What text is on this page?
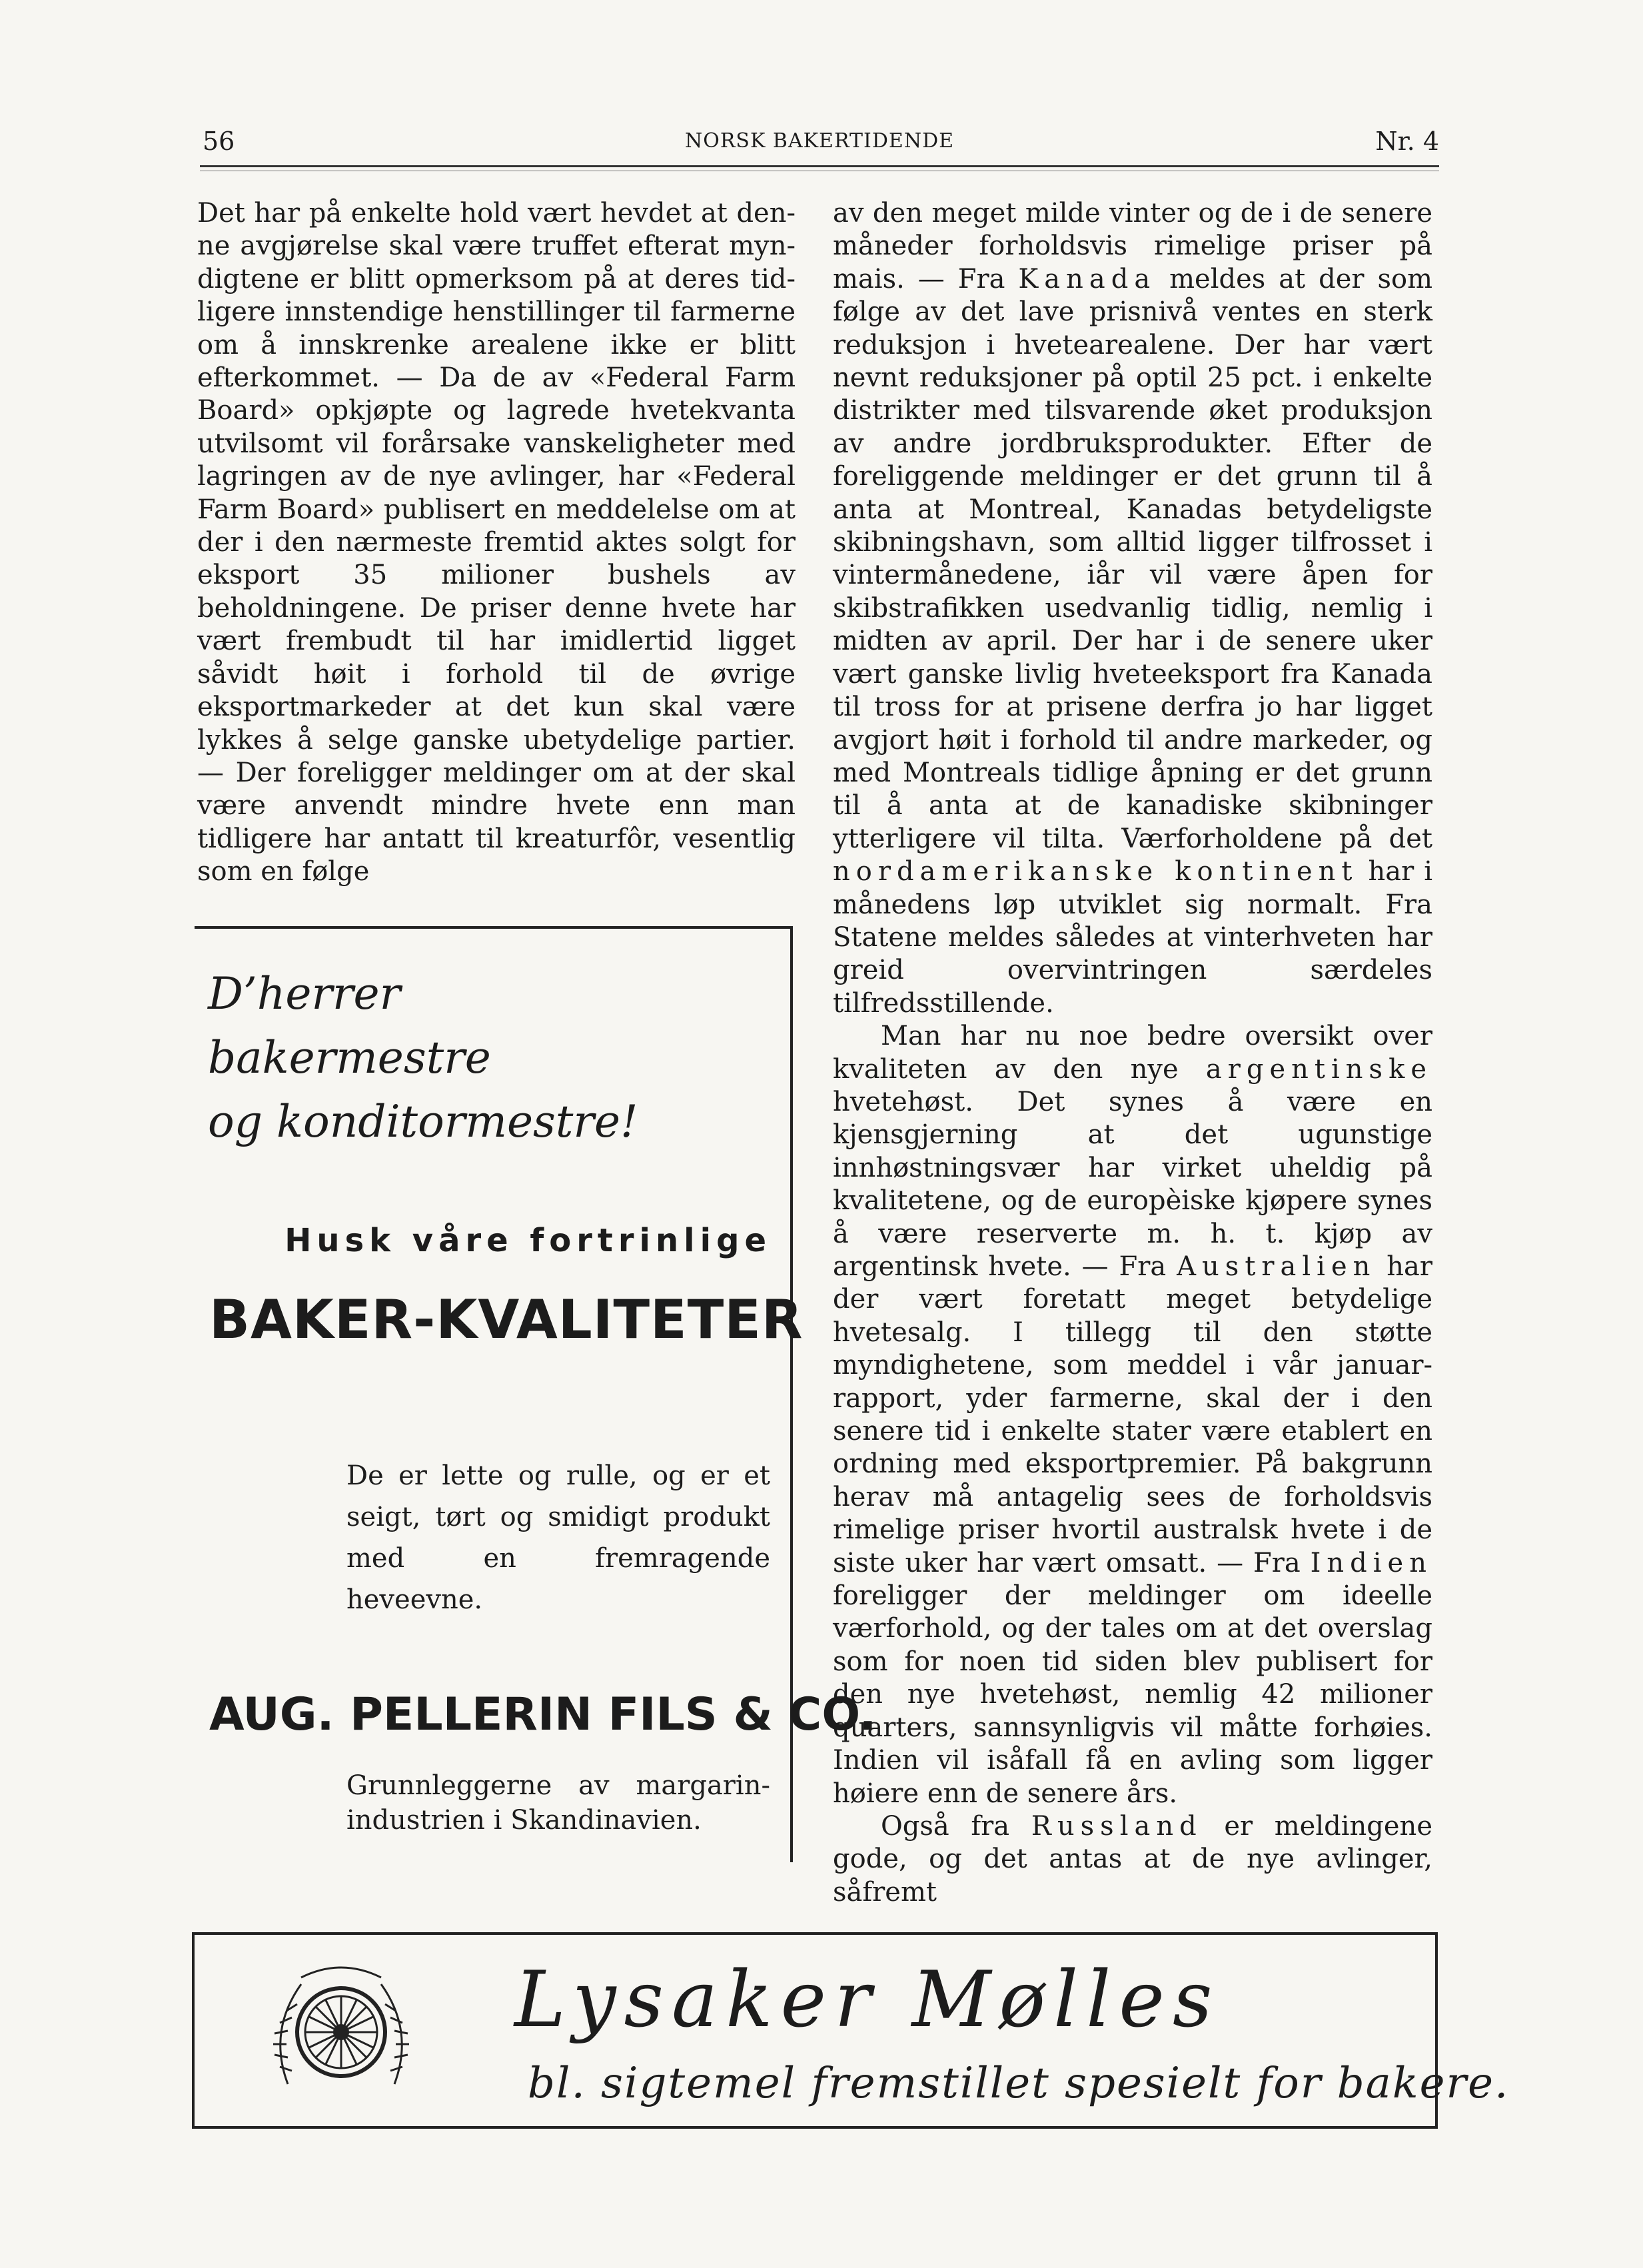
56	NORSK BAKERTIDENDE	Nr. 4

Det har på enkelte hold vært hevdet at denne avgjørelse skal være truffet efterat myndigtene er blitt opmerksom på at deres tidligere innstendige henstillinger til farmerne om å innskrenke arealene ikke er blitt efterkommet. — Da de av «Federal Farm Board» opkjøpte og lagrede hvetekvanta utvilsomt vil forårsake vanskeligheter med lagringen av de nye avlinger, har «Federal Farm Board» publisert en meddelelse om at der i den nærmeste fremtid aktes solgt for eksport 35 milioner bushels av beholdningene. De priser denne hvete har vært frembudt til har imidlertid ligget såvidt høit i forhold til de øvrige eksportmarkeder at det kun skal være lykkes å selge ganske ubetydelige partier. — Der foreligger meldinger om at der skal være anvendt mindre hvete enn man tidligere har antatt til kreaturfôr, vesentlig som en følge

av den meget milde vinter og de i de senere måneder forholdsvis rimelige priser på mais. — Fra Kanada meldes at der som følge av det lave prisnivå ventes en sterk reduksjon i hvetearealene. Der har vært nevnt reduksjoner på optil 25 pct. i enkelte distrikter med tilsvarende øket produksjon av andre jordbruksprodukter. Efter de foreliggende meldinger er det grunn til å anta at Montreal, Kanadas betydeligste skibningshavn, som alltid ligger tilfrosset i vintermånedene, iår vil være åpen for skibstrafikken usedvanlig tidlig, nemlig i midten av april. Der har i de senere uker vært ganske livlig hveteeksport fra Kanada til tross for at prisene derfra jo har ligget avgjort høit i forhold til andre markeder, og med Montreals tidlige åpning er det grunn til å anta at de kanadiske skibninger ytterligere vil tilta. Værforholdene på det nordamerikanske kontinent har i månedens løp utviklet sig normalt. Fra Statene meldes således at vinterhveten har greid overvintringen særdeles tilfredsstillende.

Man har nu noe bedre oversikt over kvaliteten av den nye argentinske hvetehøst. Det synes å være en kjensgjerning at det ugunstige innhøstningsvær har virket uheldig på kvalitetene, og de europèiske kjøpere synes å være reserverte m. h. t. kjøp av argentinsk hvete. — Fra Australien har der vært foretatt meget betydelige hvetesalg. I tillegg til den støtte myndighetene, som meddel i vår januar-rapport, yder farmerne, skal der i den senere tid i enkelte stater være etablert en ordning med eksportpremier. På bakgrunn herav må antagelig sees de forholdsvis rimelige priser hvortil australsk hvete i de siste uker har vært omsatt. — Fra Indien foreligger der meldinger om ideelle værforhold, og der tales om at det overslag som for noen tid siden blev publisert for den nye hvetehøst, nemlig 42 milioner quarters, sannsynligvis vil måtte forhøies. Indien vil isåfall få en avling som ligger høiere enn de senere års.

Også fra Russland er meldingene gode, og det antas at de nye avlinger, såfremt

D’herrer
bakermestre
og konditormestre!
Husk våre fortrinlige
BAKER-KVALITETER
De er lette og rulle, og er et seigt, tørt og smidigt produkt med en fremragende heveevne.
AUG. PELLERIN FILS & CO.
Grunnleggerne av margarinindustrien i Skandinavien.
Lysaker Mølles
bl. sigtemel fremstillet spesielt for bakere.
